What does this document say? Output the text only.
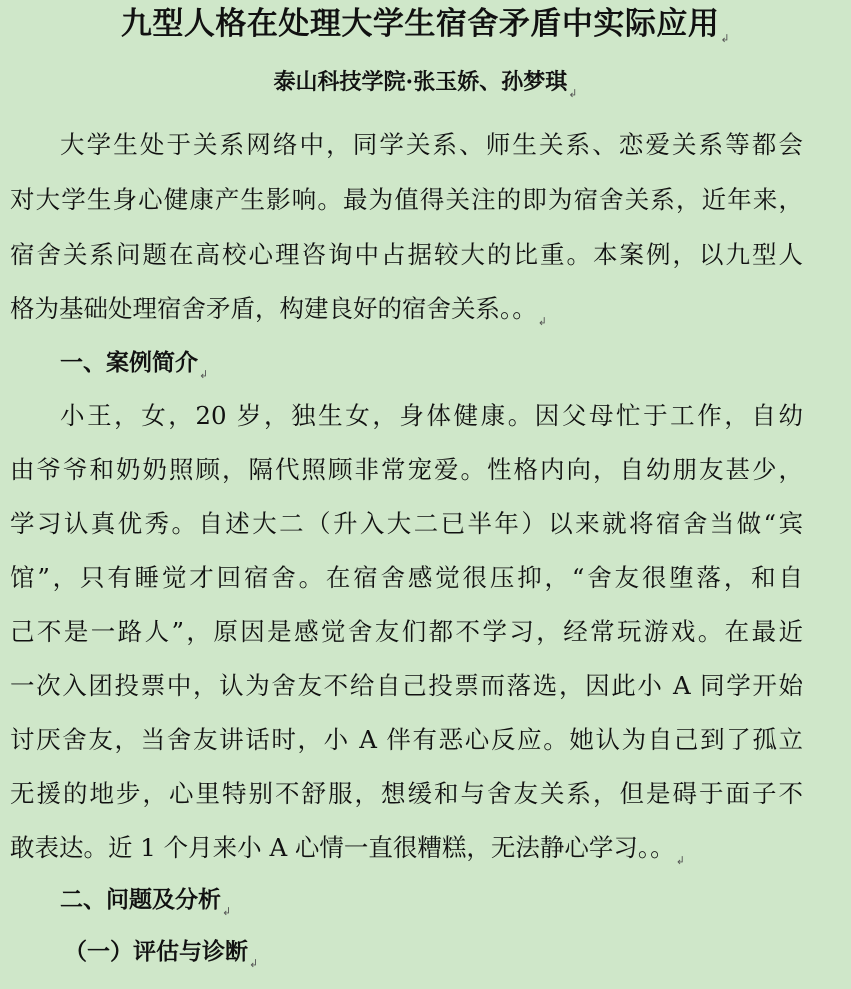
九型人格在处理大学生宿舍矛盾中实际应用$_↲$
泰山科技学院·张玉娇、孙梦琪$_↲$
大学生处于关系网络中，同学关系、师生关系、恋爱关系等都会
对大学生身心健康产生影响。最为值得关注的即为宿舍关系，近年来，
宿舍关系问题在高校心理咨询中占据较大的比重。本案例，以九型人
格为基础处理宿舍矛盾，构建良好的宿舍关系。。$_↲$
一、案例简介$_↲$
小王，女，20 岁，独生女，身体健康。因父母忙于工作，自幼
由爷爷和奶奶照顾，隔代照顾非常宠爱。性格内向，自幼朋友甚少，
学习认真优秀。自述大二（升入大二已半年）以来就将宿舍当做“宾
馆”，只有睡觉才回宿舍。在宿舍感觉很压抑，“舍友很堕落，和自
己不是一路人”，原因是感觉舍友们都不学习，经常玩游戏。在最近
一次入团投票中，认为舍友不给自己投票而落选，因此小 A 同学开始
讨厌舍友，当舍友讲话时，小 A 伴有恶心反应。她认为自己到了孤立
无援的地步，心里特别不舒服，想缓和与舍友关系，但是碍于面子不
敢表达。近 1 个月来小 A 心情一直很糟糕，无法静心学习。。$_↲$
二、问题及分析$_↲$
（一）评估与诊断$_↲$
